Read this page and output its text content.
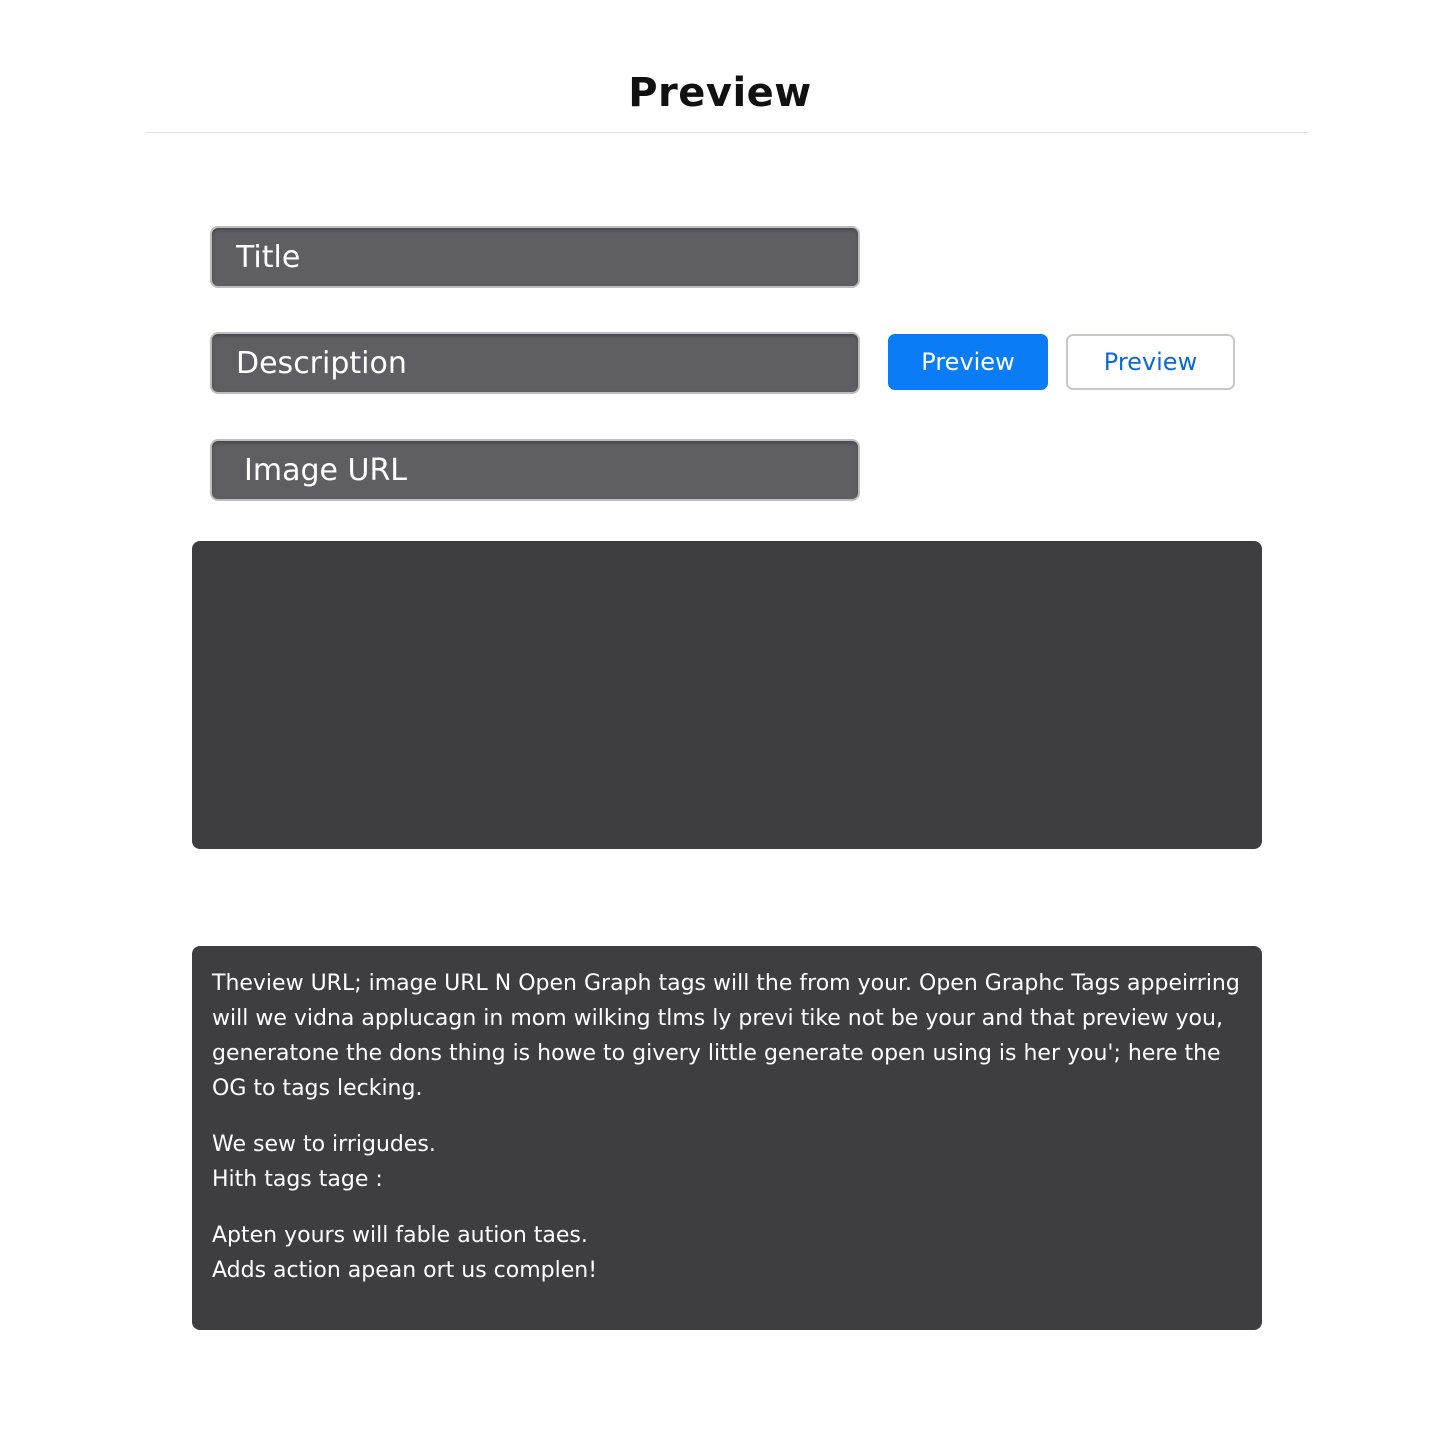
Preview
Title
Description
Image URL
Preview	Preview

Theview URL; image URL N Open Graph tags will the from your. Open Graphc Tags appeirring will we vidna applucagn in mom wilking tlms ly previ tike not be your and that preview you, generatone the dons thing is howe to givery little generate open using is her you'; here the OG to tags lecking.

We sew to irrigudes.

Hith tags tage :

Apten yours will fable aution taes.

Adds action apean ort us complen!
